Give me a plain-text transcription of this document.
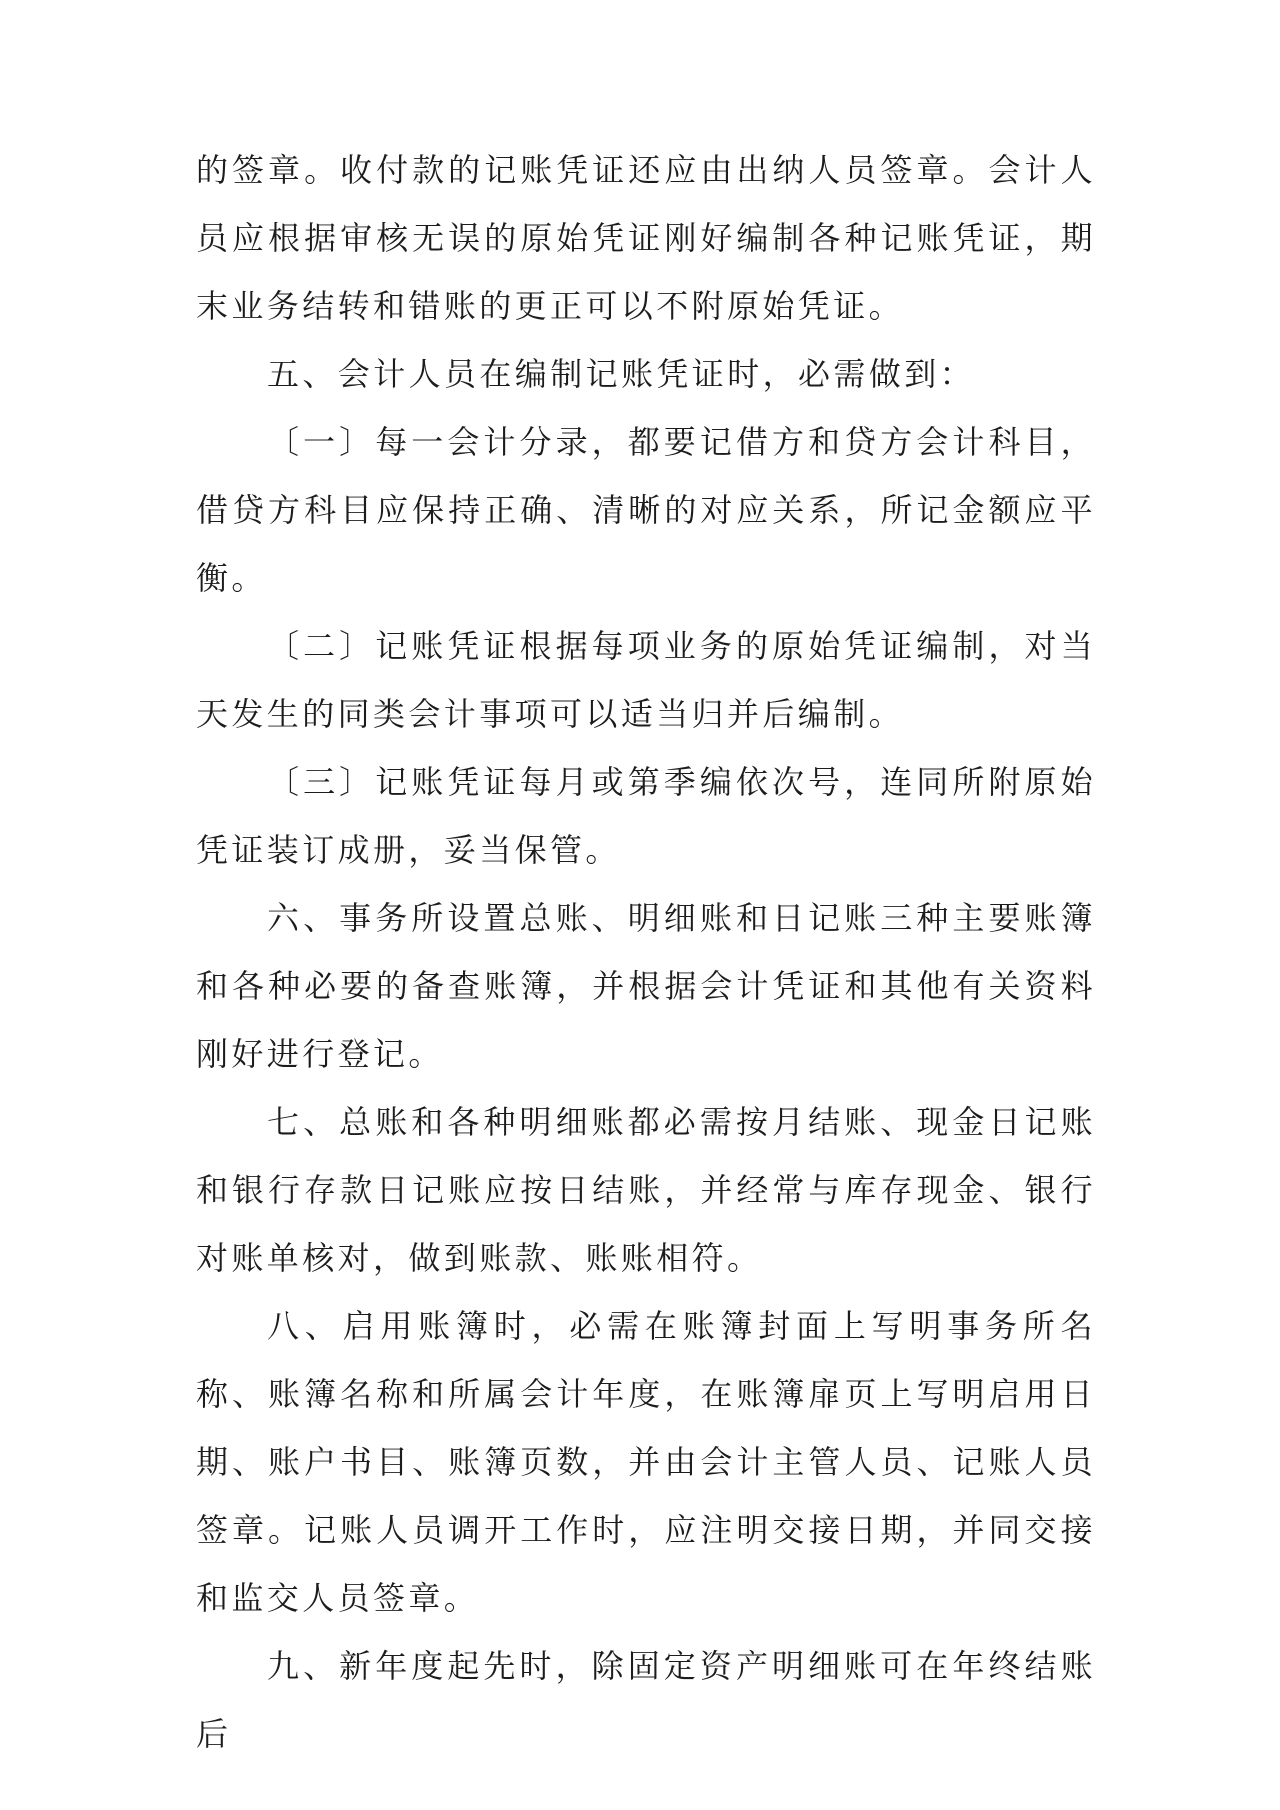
的签章。收付款的记账凭证还应由出纳人员签章。会计人员应根据审核无误的原始凭证刚好编制各种记账凭证，期末业务结转和错账的更正可以不附原始凭证。

五、会计人员在编制记账凭证时，必需做到：

〔一〕每一会计分录，都要记借方和贷方会计科目，借贷方科目应保持正确、清晰的对应关系，所记金额应平衡。

〔二〕记账凭证根据每项业务的原始凭证编制，对当天发生的同类会计事项可以适当归并后编制。

〔三〕记账凭证每月或第季编依次号，连同所附原始凭证装订成册，妥当保管。

六、事务所设置总账、明细账和日记账三种主要账簿和各种必要的备查账簿，并根据会计凭证和其他有关资料刚好进行登记。

七、总账和各种明细账都必需按月结账、现金日记账和银行存款日记账应按日结账，并经常与库存现金、银行对账单核对，做到账款、账账相符。

八、启用账簿时，必需在账簿封面上写明事务所名称、账簿名称和所属会计年度，在账簿扉页上写明启用日期、账户书目、账簿页数，并由会计主管人员、记账人员签章。记账人员调开工作时，应注明交接日期，并同交接和监交人员签章。

九、新年度起先时，除固定资产明细账可在年终结账后
